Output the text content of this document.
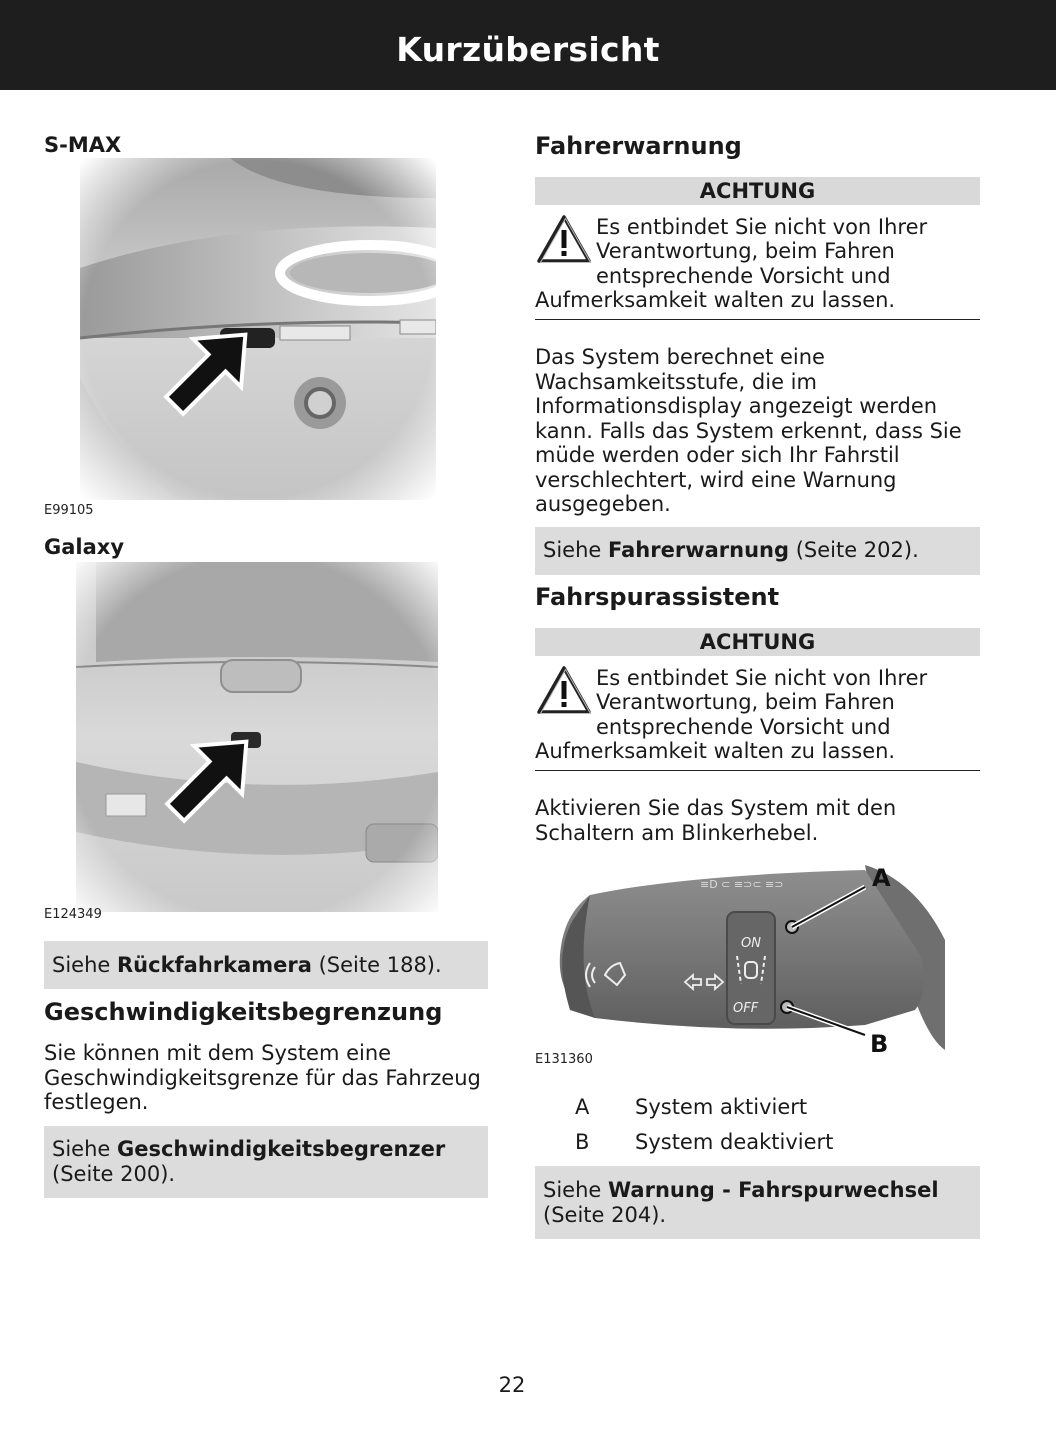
Kurzübersicht
S-MAX
E99105
Galaxy
E124349
Siehe Rückfahrkamera (Seite 188).
Geschwindigkeitsbegrenzung
Sie können mit dem System eine
Geschwindigkeitsgrenze für das Fahrzeug
festlegen.
Siehe Geschwindigkeitsbegrenzer
(Seite 200).
Fahrerwarnung
ACHTUNG
Es entbindet Sie nicht von Ihrer
Verantwortung, beim Fahren
entsprechende Vorsicht und
Aufmerksamkeit walten zu lassen.
Das System berechnet eine
Wachsamkeitsstufe, die im
Informationsdisplay angezeigt werden
kann. Falls das System erkennt, dass Sie
müde werden oder sich Ihr Fahrstil
verschlechtert, wird eine Warnung
ausgegeben.
Siehe Fahrerwarnung (Seite 202).
Fahrspurassistent
ACHTUNG
Es entbindet Sie nicht von Ihrer
Verantwortung, beim Fahren
entsprechende Vorsicht und
Aufmerksamkeit walten zu lassen.
Aktivieren Sie das System mit den
Schaltern am Blinkerhebel.
≡D ⊂ ≡⊃⊂ ≡⊃
ON
OFF
A
B
E131360
A System aktiviert
B System deaktiviert
Siehe Warnung - Fahrspurwechsel
(Seite 204).
22
